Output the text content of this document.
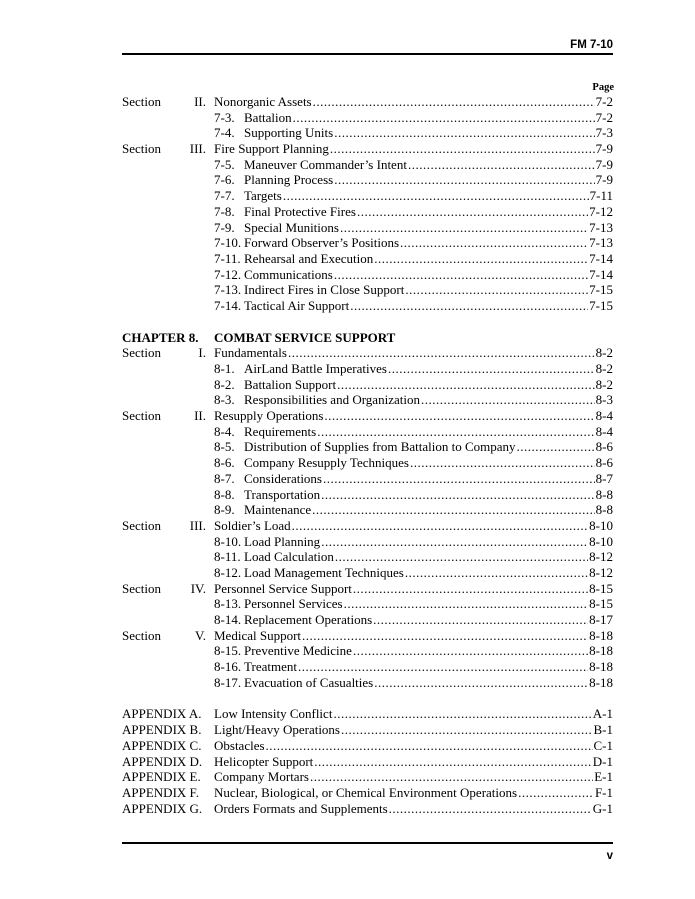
FM 7-10
Page
Section	II. Nonorganic Assets .....	7-2
7-3. Battalion .....	7-2
7-4. Supporting Units .....	7-3
Section	III. Fire Support Planning .....	7-9
7-5. Maneuver Commander’s Intent .....	7-9
7-6. Planning Process .....	7-9
7-7. Targets .....	7-11
7-8. Final Protective Fires .....	7-12
7-9. Special Munitions .....	7-13
7-10. Forward Observer’s Positions .....	7-13
7-11. Rehearsal and Execution .....	7-14
7-12. Communications .....	7-14
7-13. Indirect Fires in Close Support .....	7-15
7-14. Tactical Air Support .....	7-15
CHAPTER 8. COMBAT SERVICE SUPPORT
Section	I. Fundamentals .....	8-2
8-1. AirLand Battle Imperatives .....	8-2
8-2. Battalion Support .....	8-2
8-3. Responsibilities and Organization .....	8-3
Section	II. Resupply Operations .....	8-4
8-4. Requirements .....	8-4
8-5. Distribution of Supplies from Battalion to Company .....	8-6
8-6. Company Resupply Techniques .....	8-6
8-7. Considerations .....	8-7
8-8. Transportation .....	8-8
8-9. Maintenance .....	8-8
Section	III. Soldier’s Load .....	8-10
8-10. Load Planning .....	8-10
8-11. Load Calculation .....	8-12
8-12. Load Management Techniques .....	8-12
Section	IV. Personnel Service Support .....	8-15
8-13. Personnel Services .....	8-15
8-14. Replacement Operations .....	8-17
Section	V. Medical Support .....	8-18
8-15. Preventive Medicine .....	8-18
8-16. Treatment .....	8-18
8-17. Evacuation of Casualties .....	8-18
APPENDIX A. Low Intensity Conflict .....	A-1
APPENDIX B. Light/Heavy Operations .....	B-1
APPENDIX C. Obstacles .....	C-1
APPENDIX D. Helicopter Support .....	D-1
APPENDIX E. Company Mortars .....	E-1
APPENDIX F. Nuclear, Biological, or Chemical Environment Operations .....	F-1
APPENDIX G. Orders Formats and Supplements .....	G-1
v
